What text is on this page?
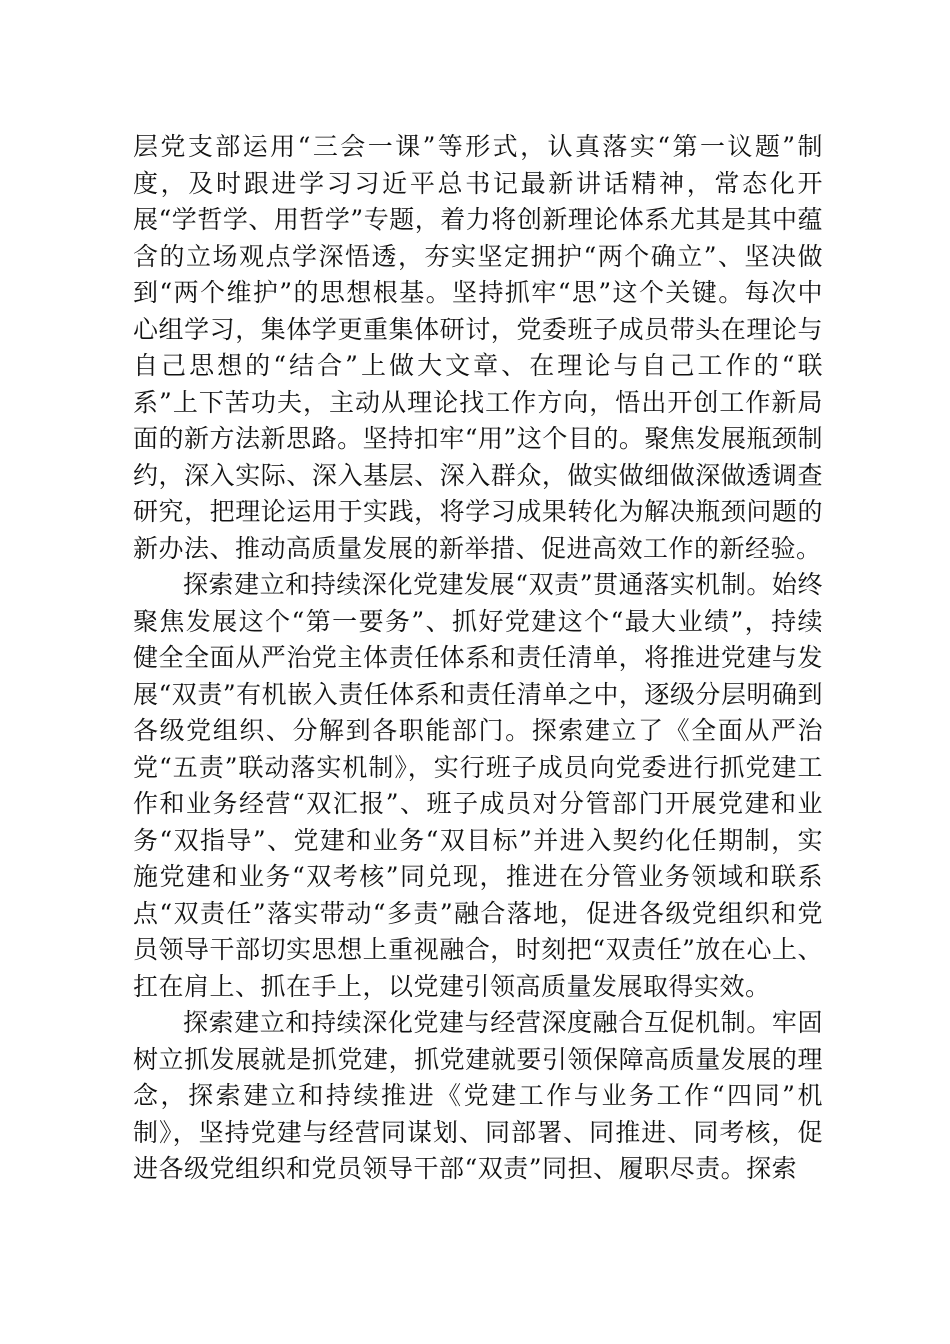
层党支部运用“三会一课”等形式，认真落实“第一议题”制度，及时跟进学习习近平总书记最新讲话精神，常态化开展“学哲学、用哲学”专题，着力将创新理论体系尤其是其中蕴含的立场观点学深悟透，夯实坚定拥护“两个确立”、坚决做到“两个维护”的思想根基。坚持抓牢“思”这个关键。每次中心组学习，集体学更重集体研讨，党委班子成员带头在理论与自己思想的“结合”上做大文章、在理论与自己工作的“联系”上下苦功夫，主动从理论找工作方向，悟出开创工作新局面的新方法新思路。坚持扣牢“用”这个目的。聚焦发展瓶颈制约，深入实际、深入基层、深入群众，做实做细做深做透调查研究，把理论运用于实践，将学习成果转化为解决瓶颈问题的新办法、推动高质量发展的新举措、促进高效工作的新经验。

探索建立和持续深化党建发展“双责”贯通落实机制。始终聚焦发展这个“第一要务”、抓好党建这个“最大业绩”，持续健全全面从严治党主体责任体系和责任清单，将推进党建与发展“双责”有机嵌入责任体系和责任清单之中，逐级分层明确到各级党组织、分解到各职能部门。探索建立了《全面从严治党“五责”联动落实机制》，实行班子成员向党委进行抓党建工作和业务经营“双汇报”、班子成员对分管部门开展党建和业务“双指导”、党建和业务“双目标”并进入契约化任期制，实施党建和业务“双考核”同兑现，推进在分管业务领域和联系点“双责任”落实带动“多责”融合落地，促进各级党组织和党员领导干部切实思想上重视融合，时刻把“双责任”放在心上、扛在肩上、抓在手上，以党建引领高质量发展取得实效。

探索建立和持续深化党建与经营深度融合互促机制。牢固树立抓发展就是抓党建，抓党建就要引领保障高质量发展的理念，探索建立和持续推进《党建工作与业务工作“四同”机制》，坚持党建与经营同谋划、同部署、同推进、同考核，促进各级党组织和党员领导干部“双责”同担、履职尽责。探索
